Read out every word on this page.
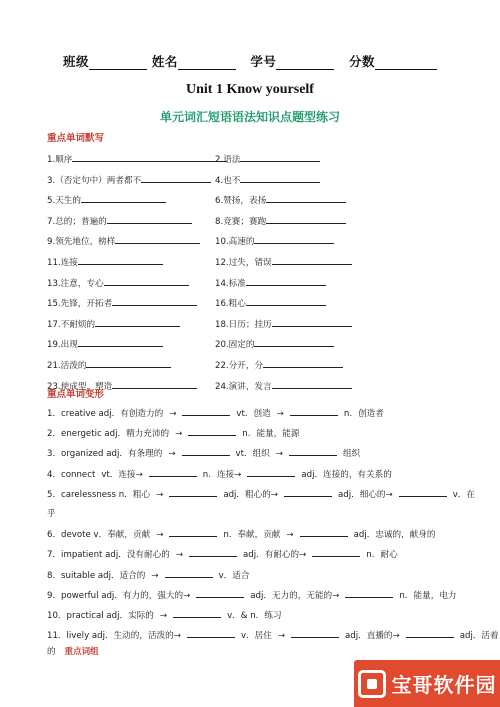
班级	姓名	学号	分数
Unit 1 Know yourself
单元词汇短语语法知识点题型练习
重点单词默写
重点单词变形
的 重点词组
宝哥软件园
1.顺序	2.语法
3.（否定句中）两者都不	4.也不
5.天生的	6.赞扬，表扬
7.总的；普遍的	8.竞赛；赛跑
9.领先地位，榜样	10.高速的
11.连接	12.过失，错误
13.注意，专心	14.标准
15.先锋，开拓者	16.粗心
17.不耐烦的	18.日历；挂历
19.出现	20.固定的
21.活泼的	22.分开，分
23.使成型，塑造	24.演讲，发言
1．creative adj．有创造力的 →	vt．创造 →	n. 创造者
2．energetic adj．精力充沛的 →	n. 能量，能源
3．organized adj．有条理的 →	vt．组织 →	组织
4．connect vt．连接→	n. 连接→	adj．连接的，有关系的
5．carelessness n. 粗心 →	adj．粗心的→	adj．细心的→	v．在
乎
6．devote v．奉献，贡献 →	n．奉献，贡献 →	adj．忠诚的，献身的
7．impatient adj．没有耐心的 →	adj．有耐心的→	n. 耐心
8．suitable adj．适合的 →	v．适合
9．powerful adj．有力的，强大的→	adj．无力的，无能的→	n. 能量，电力
10．practical adj．实际的 →	v．& n. 练习
11．lively adj．生动的，活泼的→	v．居住 →	adj．直播的→	adj．活着
